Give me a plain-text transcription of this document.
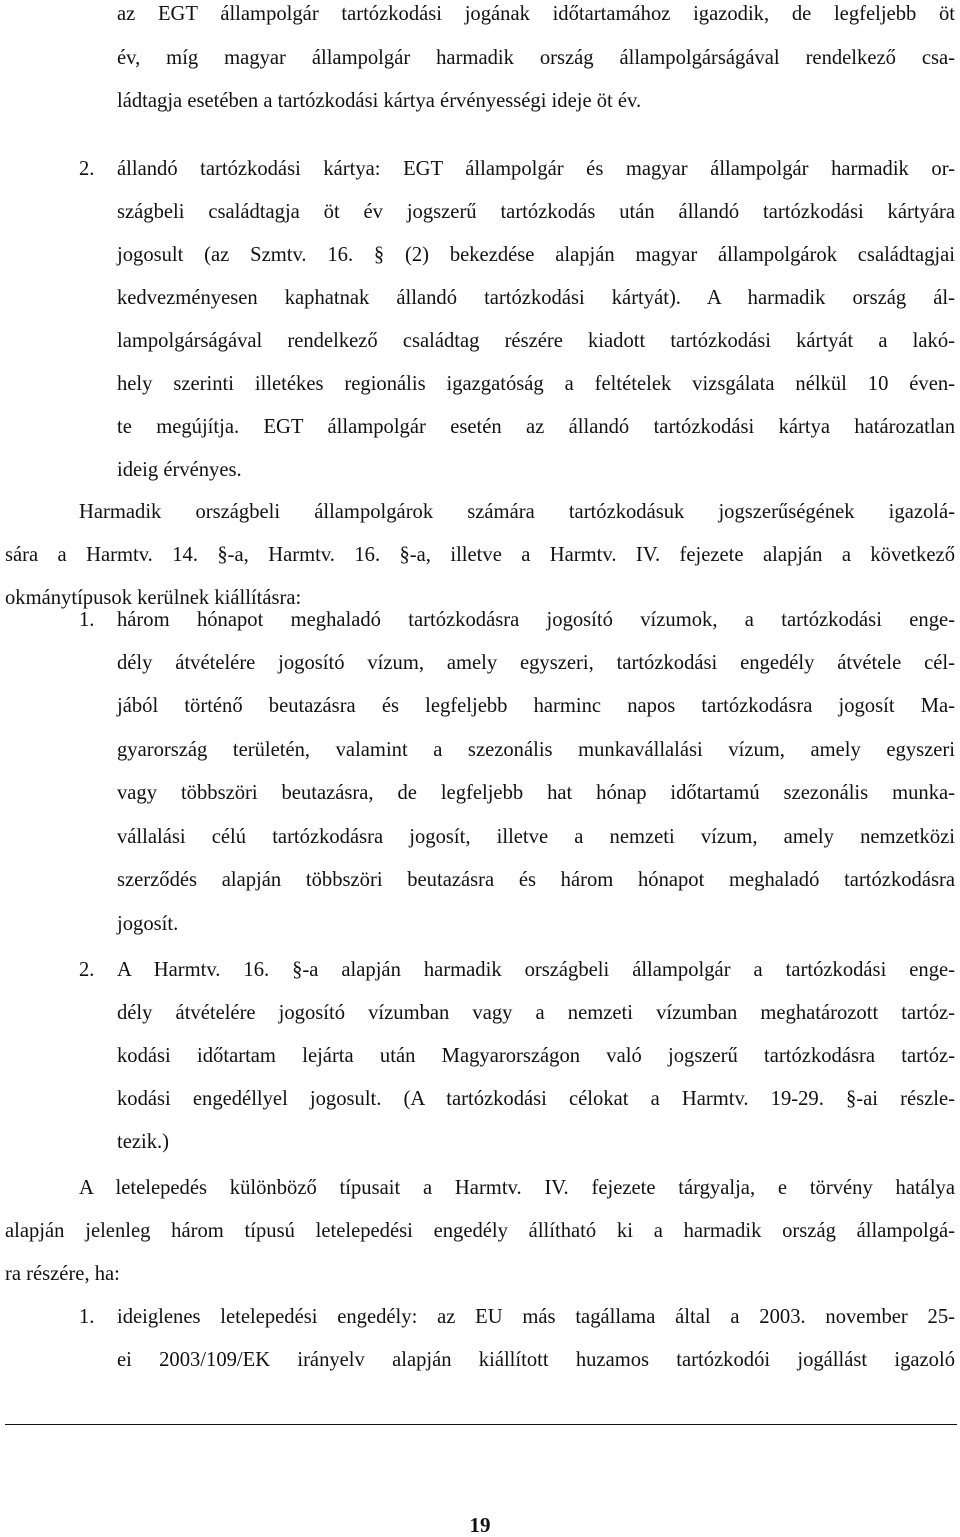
2.
1.
2.
1.
az EGT állampolgár tartózkodási jogának időtartamához igazodik, de legfeljebb öt
év, míg magyar állampolgár harmadik ország állampolgárságával rendelkező csa-
ládtagja esetében a tartózkodási kártya érvényességi ideje öt év.
állandó tartózkodási kártya: EGT állampolgár és magyar állampolgár harmadik or-
szágbeli családtagja öt év jogszerű tartózkodás után állandó tartózkodási kártyára
jogosult (az Szmtv. 16. § (2) bekezdése alapján magyar állampolgárok családtagjai
kedvezményesen kaphatnak állandó tartózkodási kártyát). A harmadik ország ál-
lampolgárságával rendelkező családtag részére kiadott tartózkodási kártyát a lakó-
hely szerinti illetékes regionális igazgatóság a feltételek vizsgálata nélkül 10 éven-
te megújítja. EGT állampolgár esetén az állandó tartózkodási kártya határozatlan
ideig érvényes.
Harmadik országbeli állampolgárok számára tartózkodásuk jogszerűségének igazolá-
sára a Harmtv. 14. §-a, Harmtv. 16. §-a, illetve a Harmtv. IV. fejezete alapján a következő
okmánytípusok kerülnek kiállításra:
három hónapot meghaladó tartózkodásra jogosító vízumok, a tartózkodási enge-
dély átvételére jogosító vízum, amely egyszeri, tartózkodási engedély átvétele cél-
jából történő beutazásra és legfeljebb harminc napos tartózkodásra jogosít Ma-
gyarország területén, valamint a szezonális munkavállalási vízum, amely egyszeri
vagy többszöri beutazásra, de legfeljebb hat hónap időtartamú szezonális munka-
vállalási célú tartózkodásra jogosít, illetve a nemzeti vízum, amely nemzetközi
szerződés alapján többszöri beutazásra és három hónapot meghaladó tartózkodásra
jogosít.
A Harmtv. 16. §-a alapján harmadik országbeli állampolgár a tartózkodási enge-
dély átvételére jogosító vízumban vagy a nemzeti vízumban meghatározott tartóz-
kodási időtartam lejárta után Magyarországon való jogszerű tartózkodásra tartóz-
kodási engedéllyel jogosult. (A tartózkodási célokat a Harmtv. 19-29. §-ai részle-
tezik.)
A letelepedés különböző típusait a Harmtv. IV. fejezete tárgyalja, e törvény hatálya
alapján jelenleg három típusú letelepedési engedély állítható ki a harmadik ország állampolgá-
ra részére, ha:
ideiglenes letelepedési engedély: az EU más tagállama által a 2003. november 25-
ei 2003/109/EK irányelv alapján kiállított huzamos tartózkodói jogállást igazoló
19
